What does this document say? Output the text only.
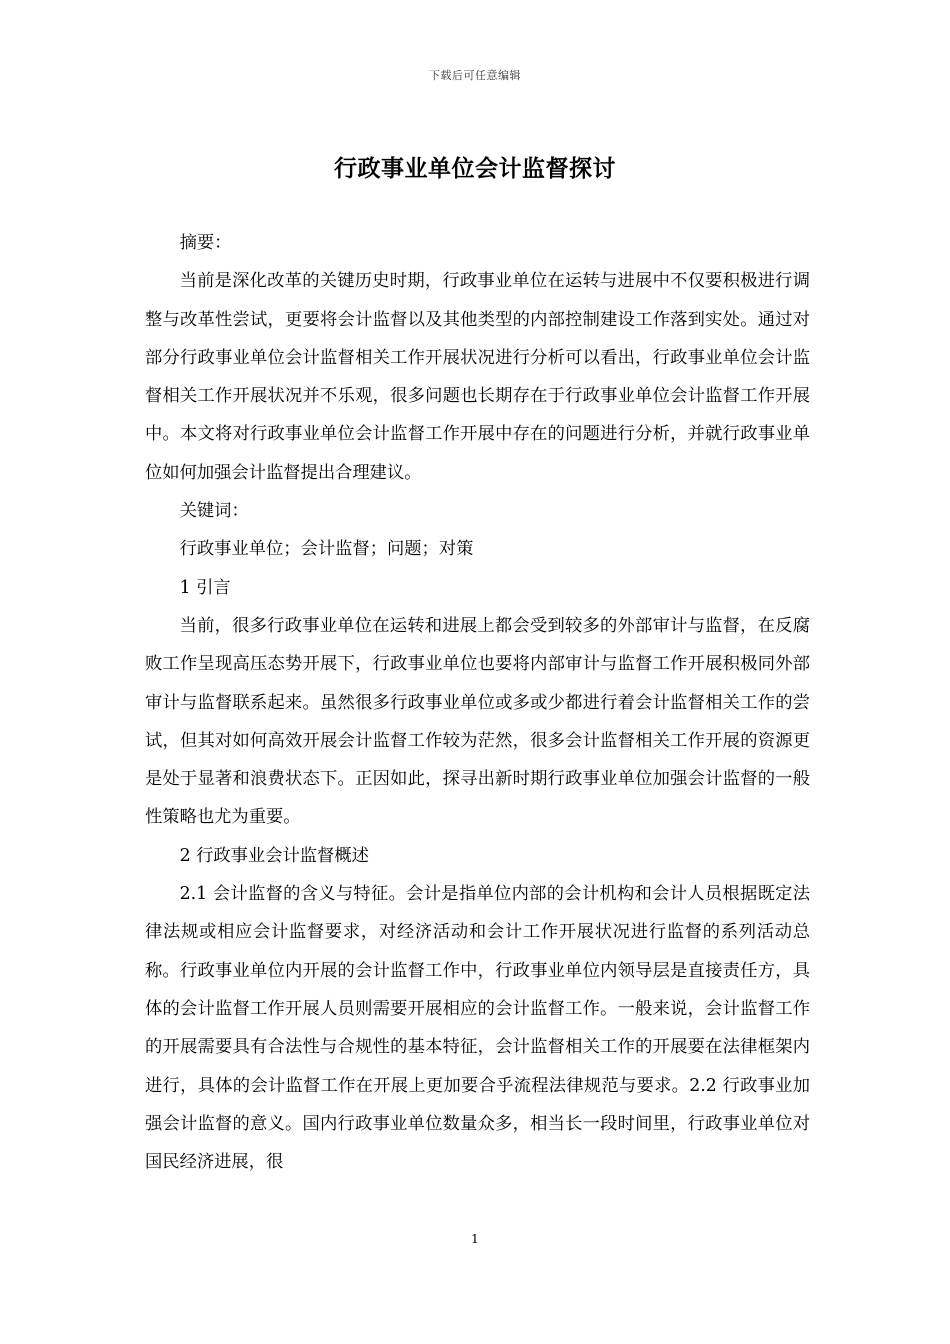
下载后可任意编辑
行政事业单位会计监督探讨

摘要：

当前是深化改革的关键历史时期，行政事业单位在运转与进展中不仅要积极进行调整与改革性尝试，更要将会计监督以及其他类型的内部控制建设工作落到实处。通过对部分行政事业单位会计监督相关工作开展状况进行分析可以看出，行政事业单位会计监督相关工作开展状况并不乐观，很多问题也长期存在于行政事业单位会计监督工作开展中。本文将对行政事业单位会计监督工作开展中存在的问题进行分析，并就行政事业单位如何加强会计监督提出合理建议。

关键词：

行政事业单位；会计监督；问题；对策

1 引言

当前，很多行政事业单位在运转和进展上都会受到较多的外部审计与监督，在反腐败工作呈现高压态势开展下，行政事业单位也要将内部审计与监督工作开展积极同外部审计与监督联系起来。虽然很多行政事业单位或多或少都进行着会计监督相关工作的尝试，但其对如何高效开展会计监督工作较为茫然，很多会计监督相关工作开展的资源更是处于显著和浪费状态下。正因如此，探寻出新时期行政事业单位加强会计监督的一般性策略也尤为重要。

2 行政事业会计监督概述

2.1 会计监督的含义与特征。会计是指单位内部的会计机构和会计人员根据既定法律法规或相应会计监督要求，对经济活动和会计工作开展状况进行监督的系列活动总称。行政事业单位内开展的会计监督工作中，行政事业单位内领导层是直接责任方，具体的会计监督工作开展人员则需要开展相应的会计监督工作。一般来说，会计监督工作的开展需要具有合法性与合规性的基本特征，会计监督相关工作的开展要在法律框架内进行，具体的会计监督工作在开展上更加要合乎流程法律规范与要求。2.2 行政事业加强会计监督的意义。国内行政事业单位数量众多，相当长一段时间里，行政事业单位对国民经济进展，很

1
